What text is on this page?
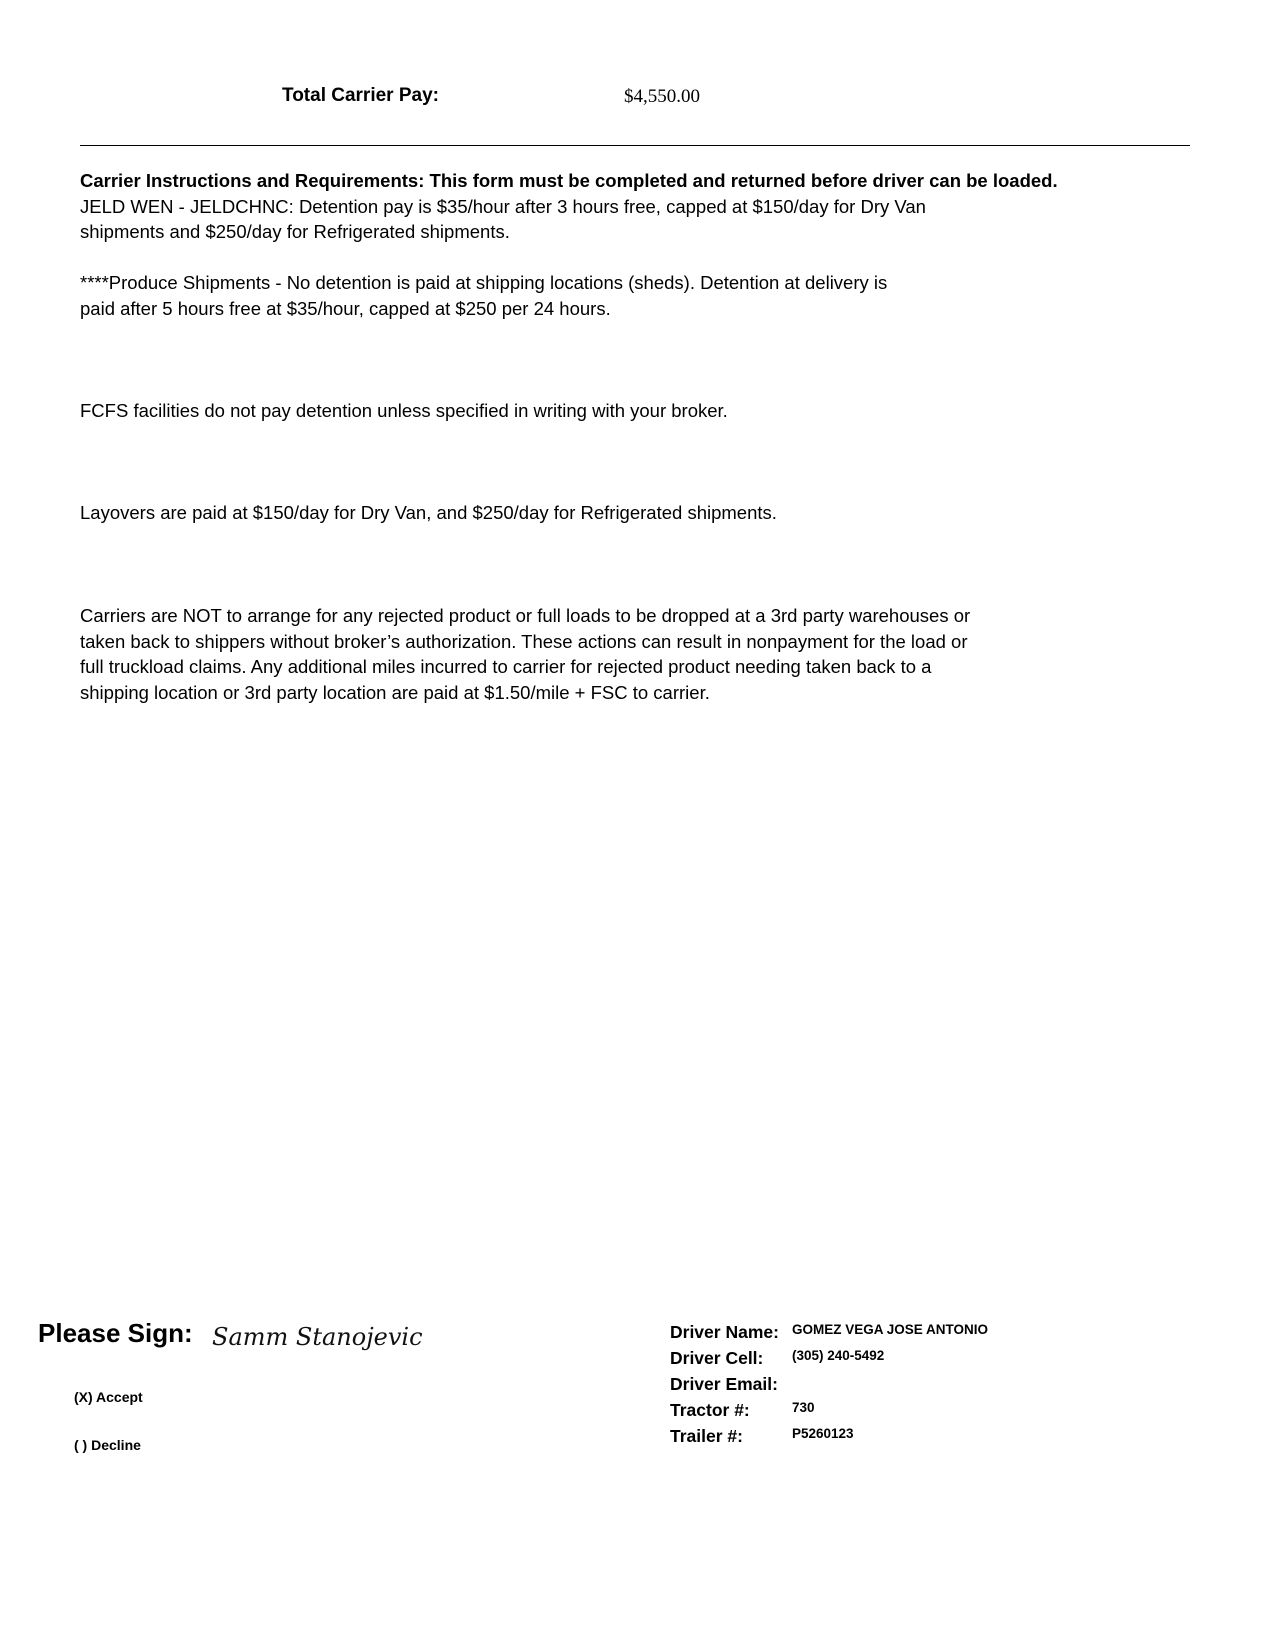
Total Carrier Pay:	$4,550.00
Carrier Instructions and Requirements: This form must be completed and returned before driver can be loaded.
JELD WEN - JELDCHNC: Detention pay is $35/hour after 3 hours free, capped at $150/day for Dry Van
shipments and $250/day for Refrigerated shipments.
****Produce Shipments - No detention is paid at shipping locations (sheds). Detention at delivery is
paid after 5 hours free at $35/hour, capped at $250 per 24 hours.
FCFS facilities do not pay detention unless specified in writing with your broker.
Layovers are paid at $150/day for Dry Van, and $250/day for Refrigerated shipments.
Carriers are NOT to arrange for any rejected product or full loads to be dropped at a 3rd party warehouses or
taken back to shippers without broker’s authorization. These actions can result in nonpayment for the load or
full truckload claims. Any additional miles incurred to carrier for rejected product needing taken back to a
shipping location or 3rd party location are paid at $1.50/mile + FSC to carrier.
Please Sign: Samm Stanojevic
(X) Accept
( ) Decline
Driver Name: GOMEZ VEGA JOSE ANTONIO
Driver Cell: (305) 240-5492
Driver Email:
Tractor #:	730
Trailer #:	P5260123
